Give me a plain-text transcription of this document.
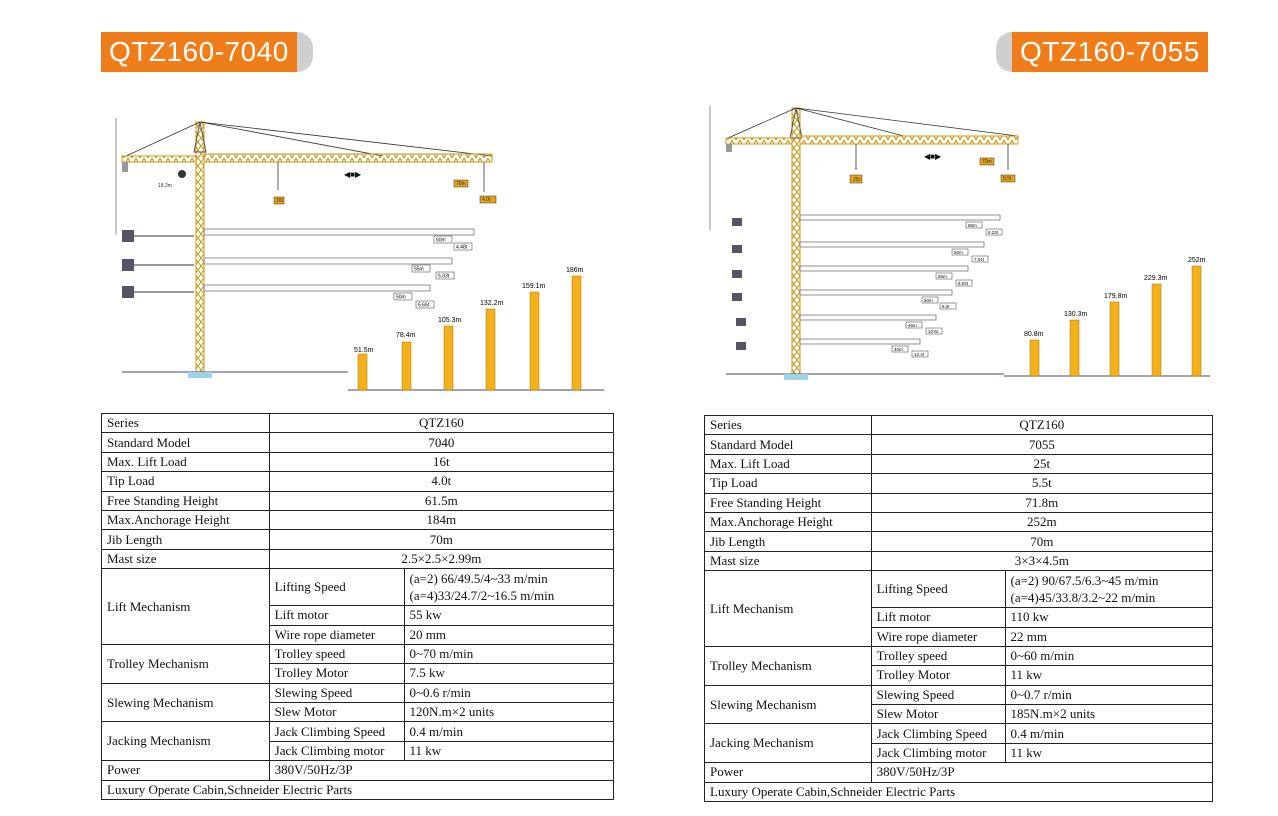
QTZ160-7040	QTZ160-7055
◀■▶
18.2m
16t
70m
4.0t
60m
4.48t
55m
5.03t
50m
5.65t
51.5m
78.4m
105.3m
132.2m
159.1m
186m
◀■▶
25t
70m
5.5t
65m
6.23t
60m
7.01t
55m
8.04t
50m
9.2t
45m
10.6t
40m
12.4t
80.8m
130.3m
179.8m
229.3m
252m
Series	QTZ160	
Standard Model	7040	
Max. Lift Load	16t	
Tip Load	4.0t	
Free Standing Height	61.5m	
Max.Anchorage Height	184m	
Jib Length	70m	
Mast size	2.5×2.5×2.99m	
Lift Mechanism	Lifting Speed	(a=2) 66/49.5/4~33 m/min
(a=4)33/24.7/2~16.5 m/min

	Lift motor	55 kw
	Wire rope diameter	20 mm
Trolley Mechanism	Trolley speed	0~70 m/min
	Trolley Motor	7.5 kw
Slewing Mechanism	Slewing Speed	0~0.6 r/min
	Slew Motor	120N.m×2 units
Jacking Mechanism	Jack Climbing Speed	0.4 m/min
	Jack Climbing motor	11 kw
Power	380V/50Hz/3P	
Luxury Operate Cabin,Schneider Electric Parts		
Series	QTZ160	
Standard Model	7055	
Max. Lift Load	25t	
Tip Load	5.5t	
Free Standing Height	71.8m	
Max.Anchorage Height	252m	
Jib Length	70m	
Mast size	3×3×4.5m	
Lift Mechanism	Lifting Speed	(a=2) 90/67.5/6.3~45 m/min
(a=4)45/33.8/3.2~22 m/min

	Lift motor	110 kw
	Wire rope diameter	22 mm
Trolley Mechanism	Trolley speed	0~60 m/min
	Trolley Motor	11 kw
Slewing Mechanism	Slewing Speed	0~0.7 r/min
	Slew Motor	185N.m×2 units
Jacking Mechanism	Jack Climbing Speed	0.4 m/min
	Jack Climbing motor	11 kw
Power	380V/50Hz/3P	
Luxury Operate Cabin,Schneider Electric Parts		
